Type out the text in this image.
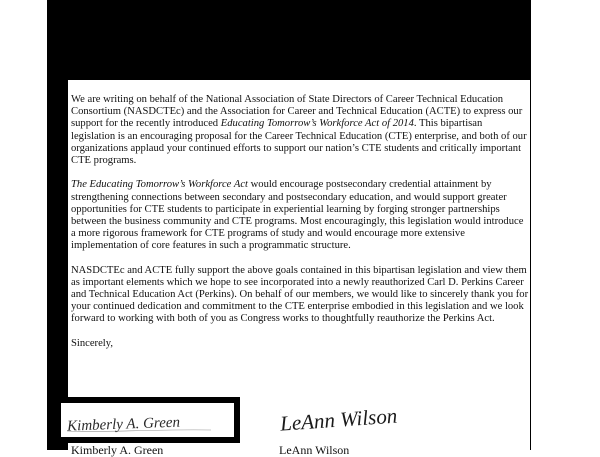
We are writing on behalf of the National Association of State Directors of Career Technical Education Consortium (NASDCTEc) and the Association for Career and Technical Education (ACTE) to express our support for the recently introduced Educating Tomorrow’s Workforce Act of 2014. This bipartisan legislation is an encouraging proposal for the Career Technical Education (CTE) enterprise, and both of our organizations applaud your continued efforts to support our nation’s CTE students and critically important CTE programs.

The Educating Tomorrow’s Workforce Act would encourage postsecondary credential attainment by strengthening connections between secondary and postsecondary education, and would support greater opportunities for CTE students to participate in experiential learning by forging stronger partnerships between the business community and CTE programs. Most encouragingly, this legislation would introduce a more rigorous framework for CTE programs of study and would encourage more extensive implementation of core features in such a programmatic structure.

NASDCTEc and ACTE fully support the above goals contained in this bipartisan legislation and view them as important elements which we hope to see incorporated into a newly reauthorized Carl D. Perkins Career and Technical Education Act (Perkins). On behalf of our members, we would like to sincerely thank you for your continued dedication and commitment to the CTE enterprise embodied in this legislation and we look forward to working with both of you as Congress works to thoughtfully reauthorize the Perkins Act.

Sincerely,

Kimberly A. Green	LeAnn Wilson
Kimberly A. Green	LeAnn Wilson
